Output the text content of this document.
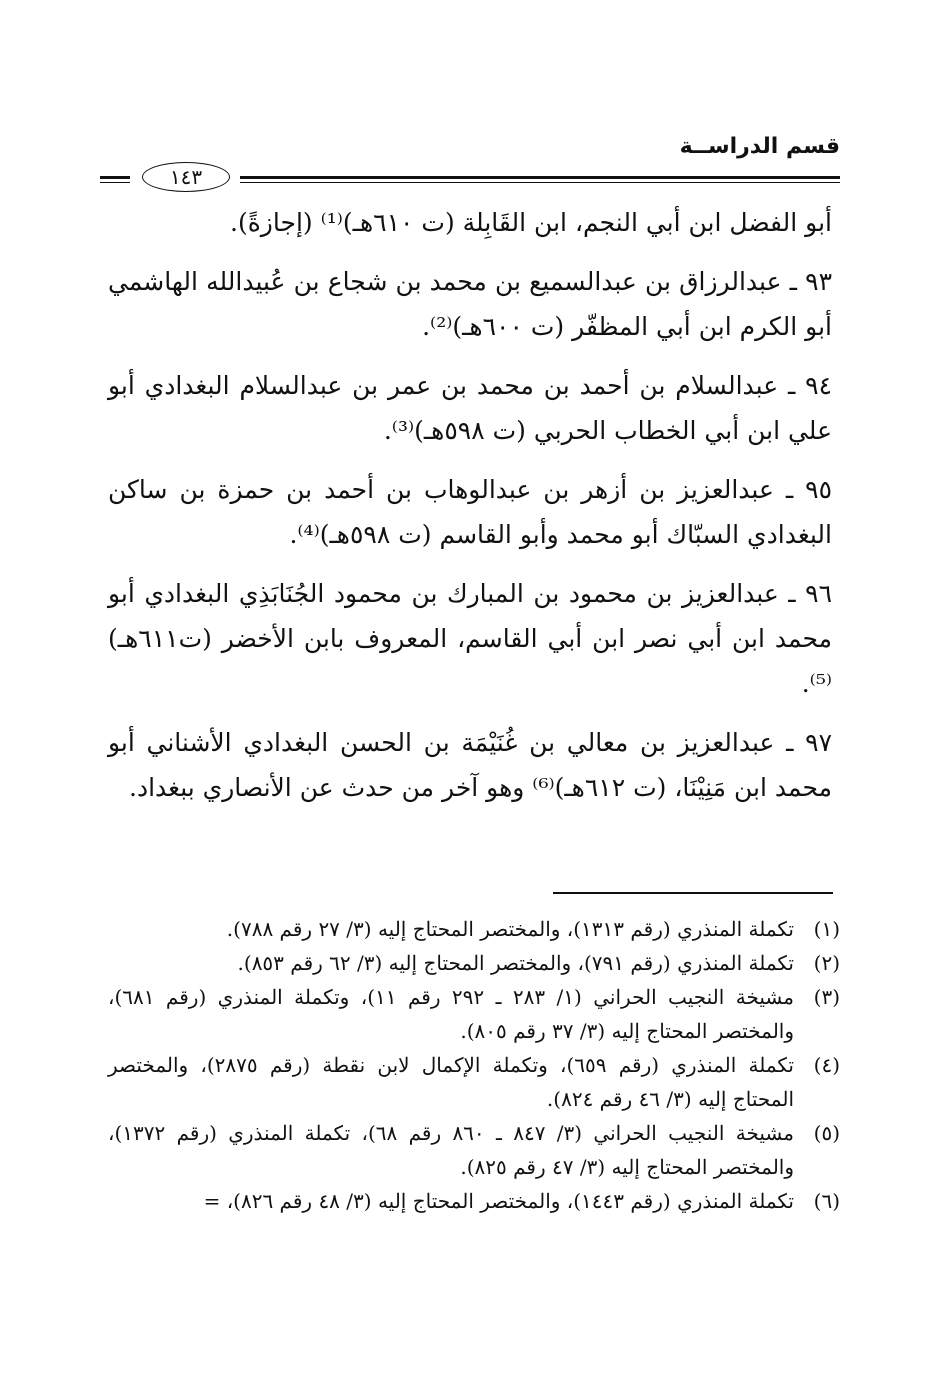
قسم الدراســة
١٤٣

أبو الفضل ابن أبي النجم، ابن القَابِلة (ت ٦١٠هـ)⁽¹⁾ (إجازةً).

٩٣ ـ عبدالرزاق بن عبدالسميع بن محمد بن شجاع بن عُبيدالله الهاشمي أبو الكرم ابن أبي المظفّر (ت ٦٠٠هـ)⁽²⁾.

٩٤ ـ عبدالسلام بن أحمد بن محمد بن عمر بن عبدالسلام البغدادي أبو علي ابن أبي الخطاب الحربي (ت ٥٩٨هـ)⁽³⁾.

٩٥ ـ عبدالعزيز بن أزهر بن عبدالوهاب بن أحمد بن حمزة بن ساكن البغدادي السبّاك أبو محمد وأبو القاسم (ت ٥٩٨هـ)⁽⁴⁾.

٩٦ ـ عبدالعزيز بن محمود بن المبارك بن محمود الجُنَابَذِي البغدادي أبو محمد ابن أبي نصر ابن أبي القاسم، المعروف بابن الأخضر (ت٦١١هـ)⁽⁵⁾.

٩٧ ـ عبدالعزيز بن معالي بن غُنَيْمَة بن الحسن البغدادي الأشناني أبو محمد ابن مَنِيْنَا، (ت ٦١٢هـ)⁽⁶⁾ وهو آخر من حدث عن الأنصاري ببغداد.

(١)
تكملة المنذري (رقم ١٣١٣)، والمختصر المحتاج إليه (٣/ ٢٧ رقم ٧٨٨).
(٢)
تكملة المنذري (رقم ٧٩١)، والمختصر المحتاج إليه (٣/ ٦٢ رقم ٨٥٣).
(٣)
مشيخة النجيب الحراني (١/ ٢٨٣ ـ ٢٩٢ رقم ١١)، وتكملة المنذري (رقم ٦٨١)، والمختصر المحتاج إليه (٣/ ٣٧ رقم ٨٠٥).
(٤)
تكملة المنذري (رقم ٦٥٩)، وتكملة الإكمال لابن نقطة (رقم ٢٨٧٥)، والمختصر المحتاج إليه (٣/ ٤٦ رقم ٨٢٤).
(٥)
مشيخة النجيب الحراني (٣/ ٨٤٧ ـ ٨٦٠ رقم ٦٨)، تكملة المنذري (رقم ١٣٧٢)، والمختصر المحتاج إليه (٣/ ٤٧ رقم ٨٢٥).
(٦)
تكملة المنذري (رقم ١٤٤٣)، والمختصر المحتاج إليه (٣/ ٤٨ رقم ٨٢٦)، =
